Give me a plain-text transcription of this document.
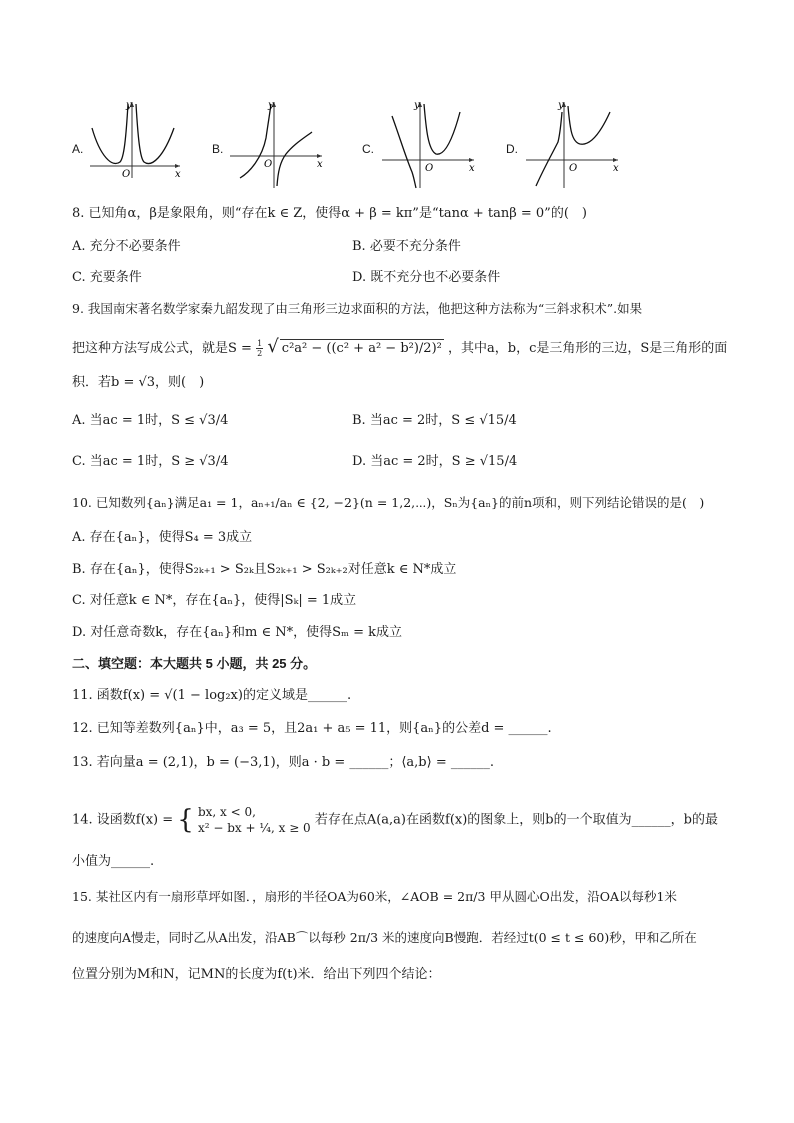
A.
O	x
y
B.
O	x
y
C.
O	x
y
D.
O	x
y
8. 已知角α，β是象限角，则“存在k ∈ Z，使得α + β = kπ”是“tanα + tanβ = 0”的(　)
A. 充分不必要条件	B. 必要不充分条件
C. 充要条件	D. 既不充分也不必要条件
9. 我国南宋著名数学家秦九韶发现了由三角形三边求面积的方法，他把这种方法称为“三斜求积术”.如果
把这种方法写成公式，就是$S = \frac{1}{2}$ √ c²a² − ((c² + a² − b²)/2)² ，其中a，b，c是三角形的三边，S是三角形的面
积．若b = √3，则(　)
A. 当ac = 1时，S ≤ √3/4	B. 当ac = 2时，S ≤ √15/4
C. 当ac = 1时，S ≥ √3/4	D. 当ac = 2时，S ≥ √15/4
10. 已知数列{aₙ}满足a₁ = 1，aₙ₊₁/aₙ ∈ {2, −2}(n = 1,2,⋯)，Sₙ为{aₙ}的前n项和，则下列结论错误的是(　)
A. 存在{aₙ}，使得S₄ = 3成立
B. 存在{aₙ}，使得S₂ₖ₊₁ > S₂ₖ且S₂ₖ₊₁ > S₂ₖ₊₂对任意k ∈ N*成立
C. 对任意k ∈ N*，存在{aₙ}，使得|Sₖ| = 1成立
D. 对任意奇数k，存在{aₙ}和m ∈ N*，使得Sₘ = k成立
二、填空题：本大题共 5 小题，共 25 分。
11. 函数f(x) = √(1 − log₂x)的定义域是______.
12. 已知等差数列{aₙ}中，a₃ = 5，且2a₁ + a₅ = 11，则{aₙ}的公差d = ______.
13. 若向量a = (2,1)，b = (−3,1)，则a · b = ______；⟨a,b⟩ = ______.
14. 设函数f(x) = { bx, x < 0,
x² − bx + ¼, x ≥ 0
若存在点A(a,a)在函数f(x)的图象上，则b的一个取值为______，b的最
小值为______.
15. 某社区内有一扇形草坪如图．，扇形的半径OA为60米，∠AOB = 2π/3 甲从圆心O出发，沿OA以每秒1米
的速度向A慢走，同时乙从A出发，沿AB⌒以每秒 2π/3 米的速度向B慢跑．若经过t(0 ≤ t ≤ 60)秒，甲和乙所在
位置分别为M和N，记MN的长度为f(t)米．给出下列四个结论：
